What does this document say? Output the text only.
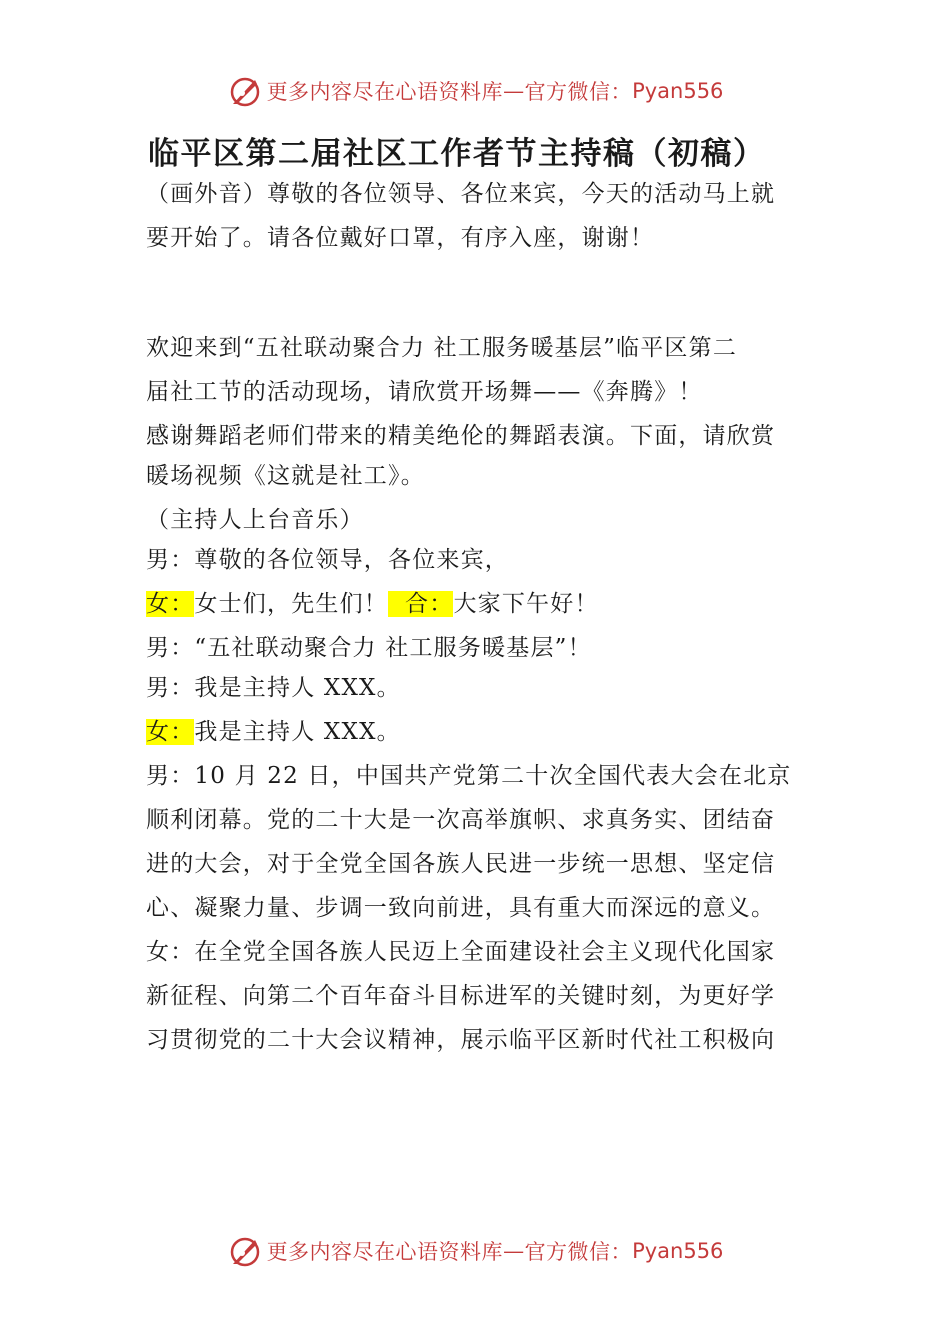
更多内容尽在心语资料库 — 官方微信： Pyan556
临平区第二届社区工作者节主持稿（初稿）
（画外音）尊敬的各位领导、各位来宾，今天的活动马上就
要开始了。请各位戴好口罩，有序入座，谢谢！
欢迎来到“五社联动聚合力 社工服务暖基层”临平区第二
届社工节的活动现场，请欣赏开场舞——《奔腾》！
感谢舞蹈老师们带来的精美绝伦的舞蹈表演。下面，请欣赏
暖场视频《这就是社工》。
（主持人上台音乐）
男：尊敬的各位领导，各位来宾，
女：女士们，先生们！  合：大家下午好！
男：“五社联动聚合力 社工服务暖基层”！
男：我是主持人 XXX。
女：我是主持人 XXX。
男：10 月 22 日，中国共产党第二十次全国代表大会在北京
顺利闭幕。党的二十大是一次高举旗帜、求真务实、团结奋
进的大会，对于全党全国各族人民进一步统一思想、坚定信
心、凝聚力量、步调一致向前进，具有重大而深远的意义。
女：在全党全国各族人民迈上全面建设社会主义现代化国家
新征程、向第二个百年奋斗目标进军的关键时刻，为更好学
习贯彻党的二十大会议精神，展示临平区新时代社工积极向
更多内容尽在心语资料库 — 官方微信： Pyan556
